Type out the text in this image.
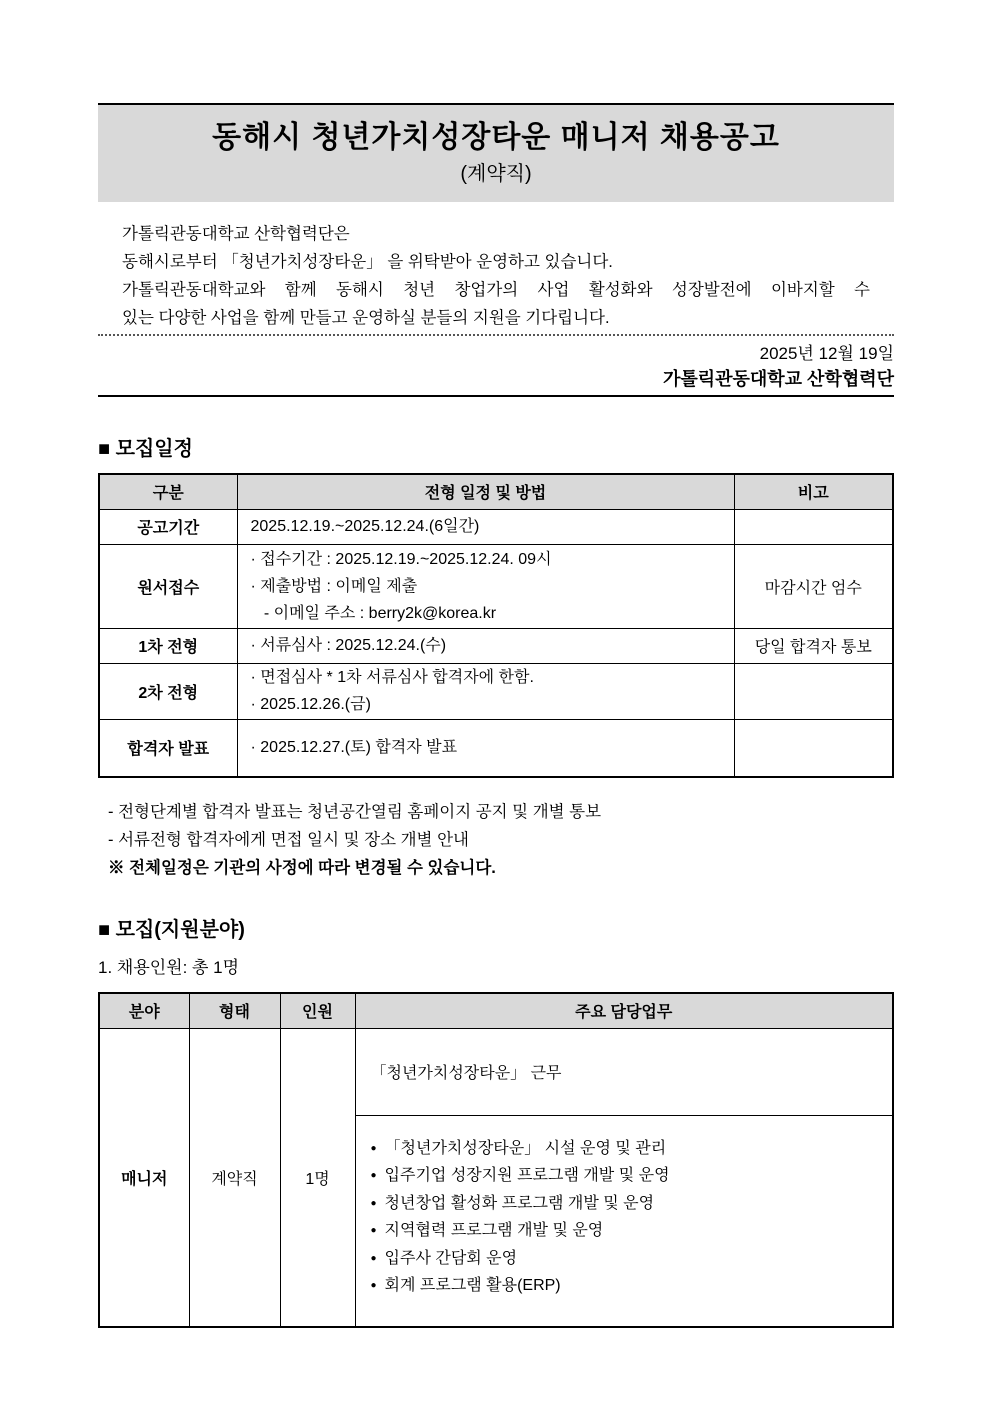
동해시 청년가치성장타운 매니저 채용공고
(계약직)
가톨릭관동대학교 산학협력단은
동해시로부터 「청년가치성장타운」 을 위탁받아 운영하고 있습니다.
가톨릭관동대학교와 함께 동해시 청년 창업가의 사업 활성화와 성장발전에 이바지할 수
있는 다양한 사업을 함께 만들고 운영하실 분들의 지원을 기다립니다.
2025년 12월 19일
가톨릭관동대학교 산학협력단
■ 모집일정
구분	전형 일정 및 방법	비고
공고기간	2025.12.19.~2025.12.24.(6일간)	

원서접수	· 접수기간 : 2025.12.19.~2025.12.24. 09시
· 제출방법 : 이메일 제출
- 이메일 주소 : berry2k@korea.kr	마감시간 엄수
1차 전형	· 서류심사 : 2025.12.24.(수)	당일 합격자 통보
2차 전형	· 면접심사 * 1차 서류심사 합격자에 한함.
· 2025.12.26.(금)	

합격자 발표	· 2025.12.27.(토) 합격자 발표	

- 전형단계별 합격자 발표는 청년공간열림 홈페이지 공지 및 개별 통보
- 서류전형 합격자에게 면접 일시 및 장소 개별 안내
※ 전체일정은 기관의 사정에 따라 변경될 수 있습니다.
■ 모집(지원분야)
1. 채용인원: 총 1명
분야	형태	인원	주요 담당업무
매니저	계약직	1명	「청년가치성장타운」 근무

● 「청년가치성장타운」 시설 운영 및 관리
● 입주기업 성장지원 프로그램 개발 및 운영
● 청년창업 활성화 프로그램 개발 및 운영
● 지역협력 프로그램 개발 및 운영
● 입주사 간담회 운영
● 회계 프로그램 활용(ERP)
